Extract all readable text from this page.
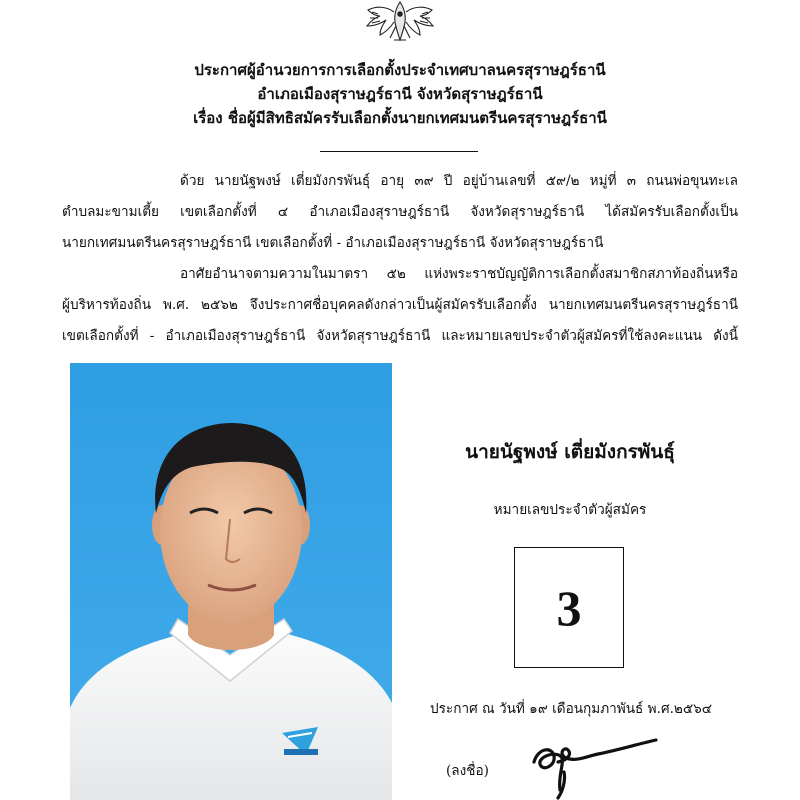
ประกาศผู้อำนวยการการเลือกตั้งประจำเทศบาลนครสุราษฎร์ธานี
อำเภอเมืองสุราษฎร์ธานี จังหวัดสุราษฎร์ธานี
เรื่อง ชื่อผู้มีสิทธิสมัครรับเลือกตั้งนายกเทศมนตรีนครสุราษฎร์ธานี
ด้วย นายนัฐพงษ์ เตี่ยมังกรพันธุ์ อายุ ๓๙ ปี อยู่บ้านเลขที่ ๕๙/๒ หมู่ที่ ๓ ถนนพ่อขุนทะเล
ตำบลมะขามเตี้ย เขตเลือกตั้งที่ ๔ อำเภอเมืองสุราษฎร์ธานี จังหวัดสุราษฎร์ธานี ได้สมัครรับเลือกตั้งเป็น
นายกเทศมนตรีนครสุราษฎร์ธานี เขตเลือกตั้งที่ - อำเภอเมืองสุราษฎร์ธานี จังหวัดสุราษฎร์ธานี
อาศัยอำนาจตามความในมาตรา ๕๒ แห่งพระราชบัญญัติการเลือกตั้งสมาชิกสภาท้องถิ่นหรือ
ผู้บริหารท้องถิ่น พ.ศ. ๒๕๖๒ จึงประกาศชื่อบุคคลดังกล่าวเป็นผู้สมัครรับเลือกตั้ง นายกเทศมนตรีนครสุราษฎร์ธานี
เขตเลือกตั้งที่ - อำเภอเมืองสุราษฎร์ธานี จังหวัดสุราษฎร์ธานี และหมายเลขประจำตัวผู้สมัครที่ใช้ลงคะแนน ดังนี้
นายนัฐพงษ์ เตี่ยมังกรพันธุ์
หมายเลขประจำตัวผู้สมัคร
3
ประกาศ ณ วันที่ ๑๙ เดือนกุมภาพันธ์ พ.ศ.๒๕๖๔
(ลงชื่อ)
